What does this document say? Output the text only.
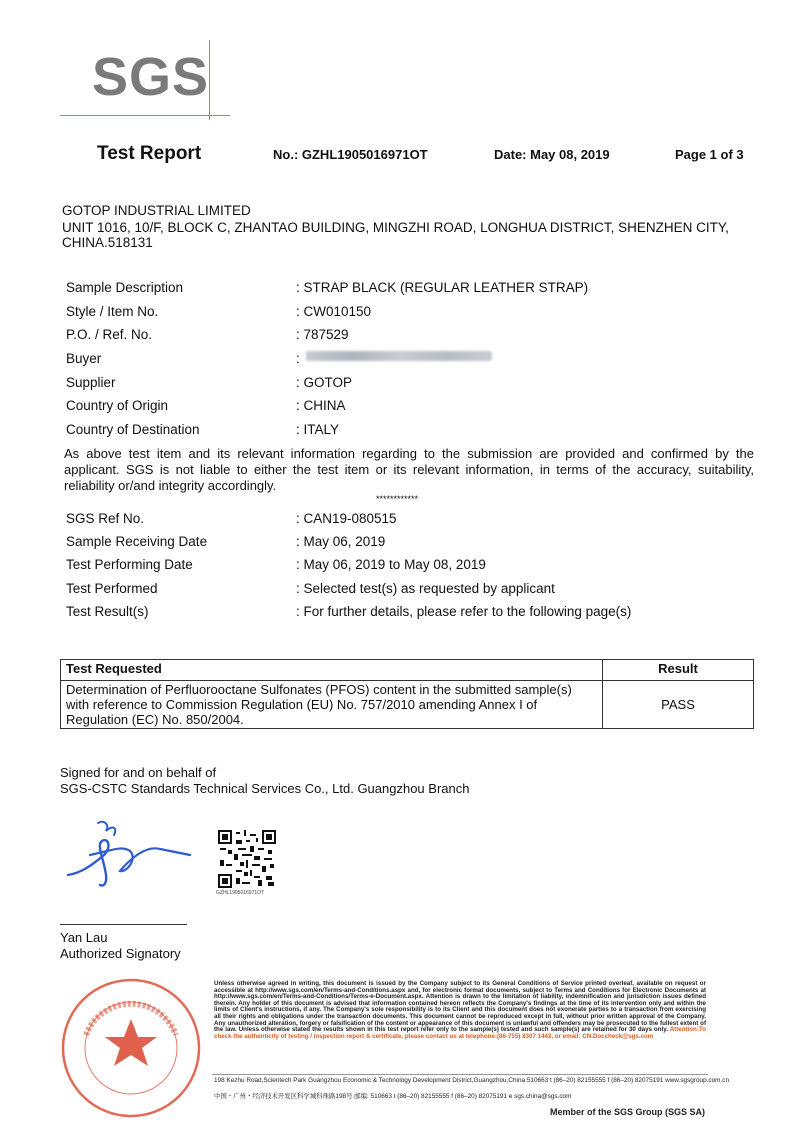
SGS
Test Report	No.: GZHL1905016971OT	Date: May 08, 2019	Page 1 of 3
GOTOP INDUSTRIAL LIMITED
UNIT 1016, 10/F, BLOCK C, ZHANTAO BUILDING, MINGZHI ROAD, LONGHUA DISTRICT, SHENZHEN CITY,
CHINA.518131
Sample Description	: STRAP BLACK (REGULAR LEATHER STRAP)
Style / Item No.	: CW010150
P.O. / Ref. No.	: 787529
Buyer	:
Supplier	: GOTOP
Country of Origin	: CHINA
Country of Destination	: ITALY
As above test item and its relevant information regarding to the submission are provided and confirmed by the applicant. SGS is not liable to either the test item or its relevant information, in terms of the accuracy, suitability, reliability or/and integrity accordingly.
************
SGS Ref No.	: CAN19-080515
Sample Receiving Date	: May 06, 2019
Test Performing Date	: May 06, 2019 to May 08, 2019
Test Performed	: Selected test(s) as requested by applicant
Test Result(s)	: For further details, please refer to the following page(s)
Test Requested	Result
Determination of Perfluorooctane Sulfonates (PFOS) content in the submitted sample(s) with reference to Commission Regulation (EU) No. 757/2010 amending Annex I of Regulation (EC) No. 850/2004.	PASS
Signed for and on behalf of
SGS-CSTC Standards Technical Services Co., Ltd. Guangzhou Branch
GZHL1905016971OT
Yan Lau
Authorized Signatory
Unless otherwise agreed in writing, this document is issued by the Company subject to its General Conditions of Service printed overleaf, available on request or accessible at http://www.sgs.com/en/Terms-and-Conditions.aspx and, for electronic format documents, subject to Terms and Conditions for Electronic Documents at http://www.sgs.com/en/Terms-and-Conditions/Terms-e-Document.aspx. Attention is drawn to the limitation of liability, indemnification and jurisdiction issues defined therein. Any holder of this document is advised that information contained hereon reflects the Company's findings at the time of its intervention only and within the limits of Client's instructions, if any. The Company's sole responsibility is to its Client and this document does not exonerate parties to a transaction from exercising all their rights and obligations under the transaction documents. This document cannot be reproduced except in full, without prior written approval of the Company. Any unauthorized alteration, forgery or falsification of the content or appearance of this document is unlawful and offenders may be prosecuted to the fullest extent of the law. Unless otherwise stated the results shown in this test report refer only to the sample(s) tested and such sample(s) are retained for 30 days only. Attention:To check the authenticity of testing / inspection report & certificate, please contact us at telephone:(86-755) 8307 1443, or email: CN.Doccheck@sgs.com
198 Kezhu Road,Scientech Park Guangzhou Economic & Technology Development District,Guangzhou,China 510663 t (86–20) 82155555 f (86–20) 82075191 www.sgsgroup.com.cn
中国・广州・经济技术开发区科学城科珠路198号 邮编: 510663 t (86–20) 82155555 f (86–20) 82075191 e sgs.china@sgs.com
Member of the SGS Group (SGS SA)
